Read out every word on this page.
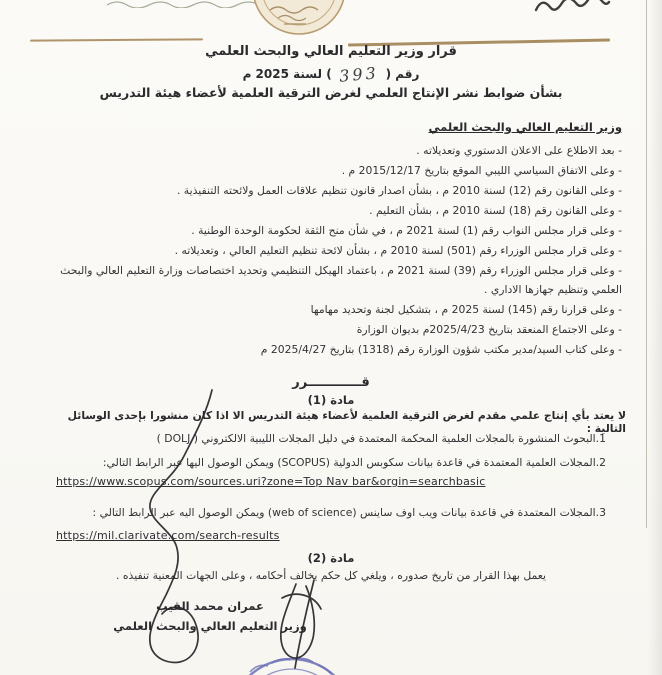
قرار وزير التعليم العالي والبحث العلمي
رقم ( 393 ) لسنة 2025 م
بشأن ضوابط نشر الإنتاج العلمي لغرض الترقية العلمية لأعضاء هيئة التدريس
وزير التعليم العالي والبحث العلمي
- بعد الاطلاع على الاعلان الدستوري وتعديلاته .
- وعلى الاتفاق السياسي الليبي الموقع بتاريخ 2015/12/17 م .
- وعلى القانون رقم (12) لسنة 2010 م ، بشأن اصدار قانون تنظيم علاقات العمل ولائحته التنفيذية .
- وعلى القانون رقم (18) لسنة 2010 م ، بشأن التعليم .
- وعلى قرار مجلس النواب رقم (1) لسنة 2021 م ، في شأن منح الثقة لحكومة الوحدة الوطنية .
- وعلى قرار مجلس الوزراء رقم (501) لسنة 2010 م ، بشأن لائحة تنظيم التعليم العالي ، وتعديلاته .
- وعلى قرار مجلس الوزراء رقم (39) لسنة 2021 م ، باعتماد الهيكل التنظيمي وتحديد اختصاصات وزارة التعليم العالي والبحث العلمي وتنظيم جهازها الاداري .
- وعلى قرارنا رقم (145) لسنة 2025 م ، بتشكيل لجنة وتحديد مهامها
- وعلى الاجتماع المنعقد بتاريخ 2025/4/23م بديوان الوزارة
- وعلى كتاب السيد/مدير مكتب شؤون الوزارة رقم (1318) بتاريخ 2025/4/27 م
قــــــــــــرر
مادة (1)
لا يعتد بأي إنتاج علمي مقدم لغرض الترقية العلمية لأعضاء هيئة التدريس الا اذا كان منشورا بإحدى الوسائل التالية :
1.البحوث المنشورة بالمجلات العلمية المحكمة المعتمدة في دليل المجلات الليبية الالكتروني ( DOLJ )
2.المجلات العلمية المعتمدة في قاعدة بيانات سكوبس الدولية (SCOPUS) ويمكن الوصول اليها عبر الرابط التالي:
https://www.scopus.com/sources.uri?zone=Top Nav bar&orgin=searchbasic
3.المجلات المعتمدة في قاعدة بيانات ويب اوف ساينس (web of science) ويمكن الوصول اليه عبر الرابط التالي :
https://mil.clarivate.com/search-results
مادة (2)
يعمل بهذا القرار من تاريخ صدوره ، ويلغي كل حكم يخالف أحكامه ، وعلى الجهات المعنية تنفيذه .
عمران محمد القيب
وزير التعليم العالي والبحث العلمي
